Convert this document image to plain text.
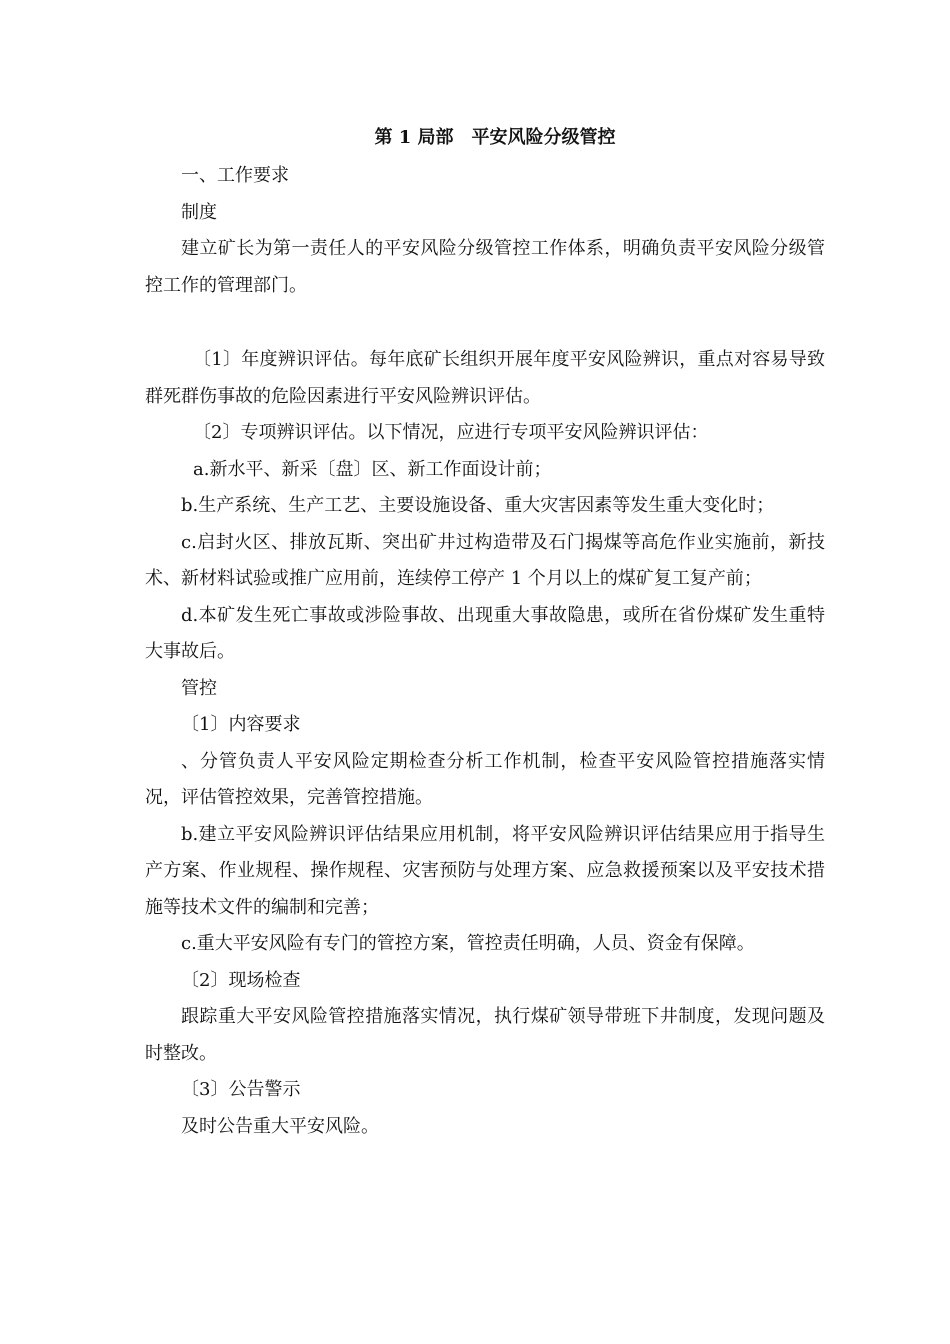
第 1 局部　平安风险分级管控

一、工作要求

制度

建立矿长为第一责任人的平安风险分级管控工作体系，明确负责平安风险分级管控工作的管理部门。

〔1〕年度辨识评估。每年底矿长组织开展年度平安风险辨识，重点对容易导致群死群伤事故的危险因素进行平安风险辨识评估。

〔2〕专项辨识评估。以下情况，应进行专项平安风险辨识评估：

a.新水平、新采〔盘〕区、新工作面设计前；

b.生产系统、生产工艺、主要设施设备、重大灾害因素等发生重大变化时；

c.启封火区、排放瓦斯、突出矿井过构造带及石门揭煤等高危作业实施前，新技术、新材料试验或推广应用前，连续停工停产 1 个月以上的煤矿复工复产前；

d.本矿发生死亡事故或涉险事故、出现重大事故隐患，或所在省份煤矿发生重特大事故后。

管控

〔1〕内容要求

、分管负责人平安风险定期检查分析工作机制，检查平安风险管控措施落实情况，评估管控效果，完善管控措施。

b.建立平安风险辨识评估结果应用机制，将平安风险辨识评估结果应用于指导生产方案、作业规程、操作规程、灾害预防与处理方案、应急救援预案以及平安技术措施等技术文件的编制和完善；

c.重大平安风险有专门的管控方案，管控责任明确，人员、资金有保障。

〔2〕现场检查

跟踪重大平安风险管控措施落实情况，执行煤矿领导带班下井制度，发现问题及时整改。

〔3〕公告警示

及时公告重大平安风险。
